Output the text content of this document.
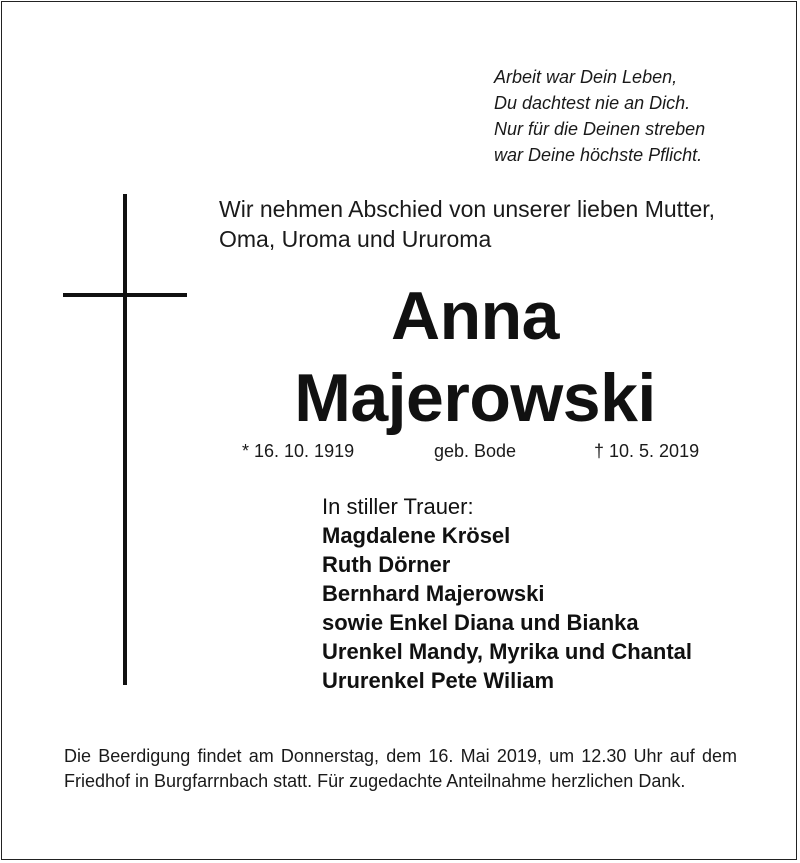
Arbeit war Dein Leben,
Du dachtest nie an Dich.
Nur für die Deinen streben
war Deine höchste Pflicht.
Wir nehmen Abschied von unserer lieben Mutter,
Oma, Uroma und Ururoma
Anna
Majerowski
* 16. 10. 1919	geb. Bode	† 10. 5. 2019
In stiller Trauer:
Magdalene Krösel
Ruth Dörner
Bernhard Majerowski
sowie Enkel Diana und Bianka
Urenkel Mandy, Myrika und Chantal
Ururenkel Pete Wiliam
Die Beerdigung findet am Donnerstag, dem 16. Mai 2019, um 12.30 Uhr auf dem Friedhof in Burgfarrnbach statt. Für zugedachte Anteilnahme herzlichen Dank.
